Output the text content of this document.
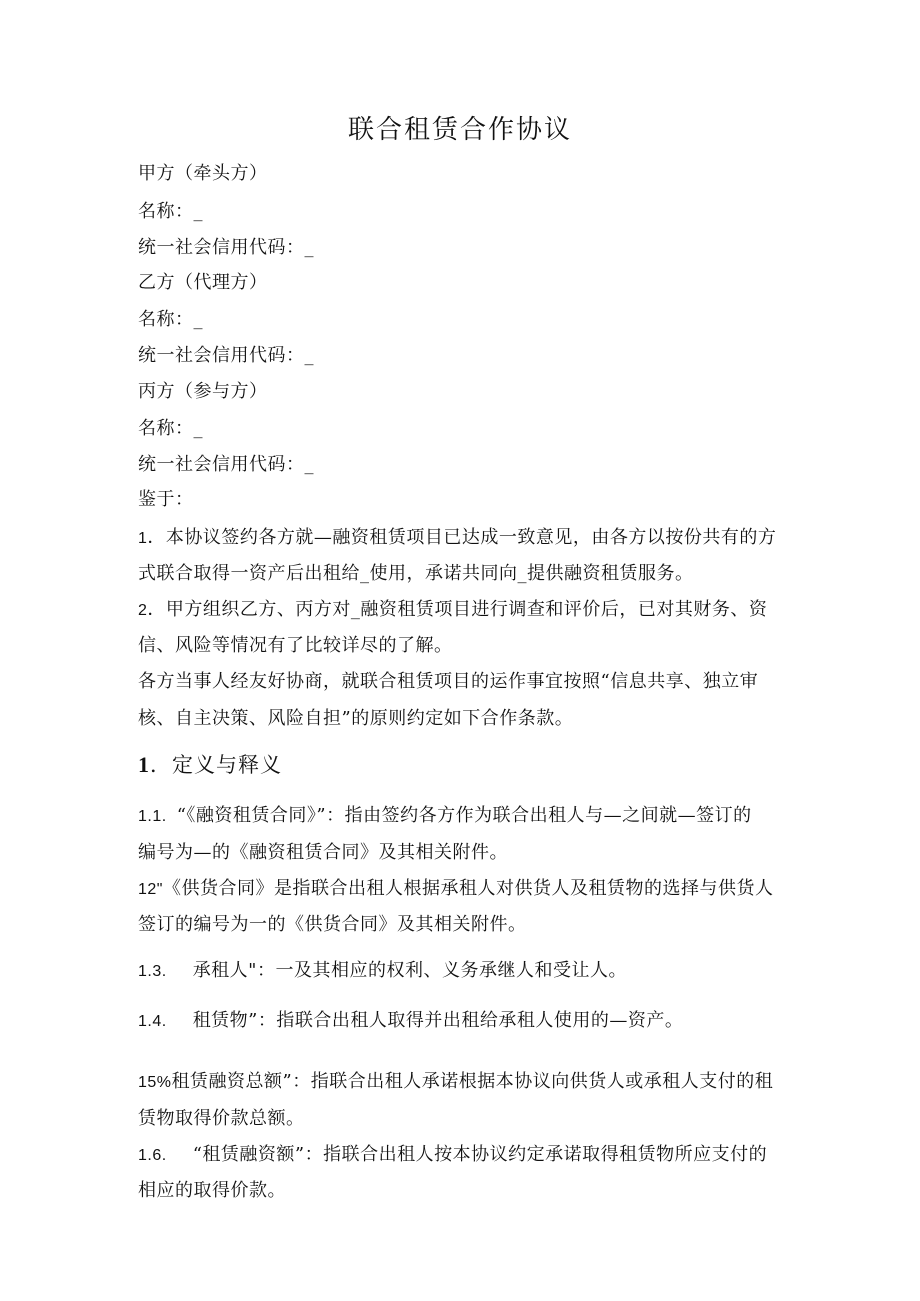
联合租赁合作协议
甲方（牵头方）
名称：_
统一社会信用代码：_
乙方（代理方）
名称：_
统一社会信用代码：_
丙方（参与方）
名称：_
统一社会信用代码：_
鉴于：
1．本协议签约各方就—融资租赁项目已达成一致意见，由各方以按份共有的方
式联合取得一资产后出租给_使用，承诺共同向_提供融资租赁服务。
2．甲方组织乙方、丙方对_融资租赁项目进行调查和评价后，已对其财务、资
信、风险等情况有了比较详尽的了解。
各方当事人经友好协商，就联合租赁项目的运作事宜按照“信息共享、独立审
核、自主决策、风险自担”的原则约定如下合作条款。
1．定义与释义
1.1. “《融资租赁合同》”：指由签约各方作为联合出租人与—之间就—签订的
编号为—的《融资租赁合同》及其相关附件。
12"《供货合同》是指联合出租人根据承租人对供货人及租赁物的选择与供货人
签订的编号为一的《供货合同》及其相关附件。
1.3. 承租人"：一及其相应的权利、义务承继人和受让人。
1.4. 租赁物”：指联合出租人取得并出租给承租人使用的—资产。
15%租赁融资总额”：指联合出租人承诺根据本协议向供货人或承租人支付的租
赁物取得价款总额。
1.6. “租赁融资额”：指联合出租人按本协议约定承诺取得租赁物所应支付的
相应的取得价款。
